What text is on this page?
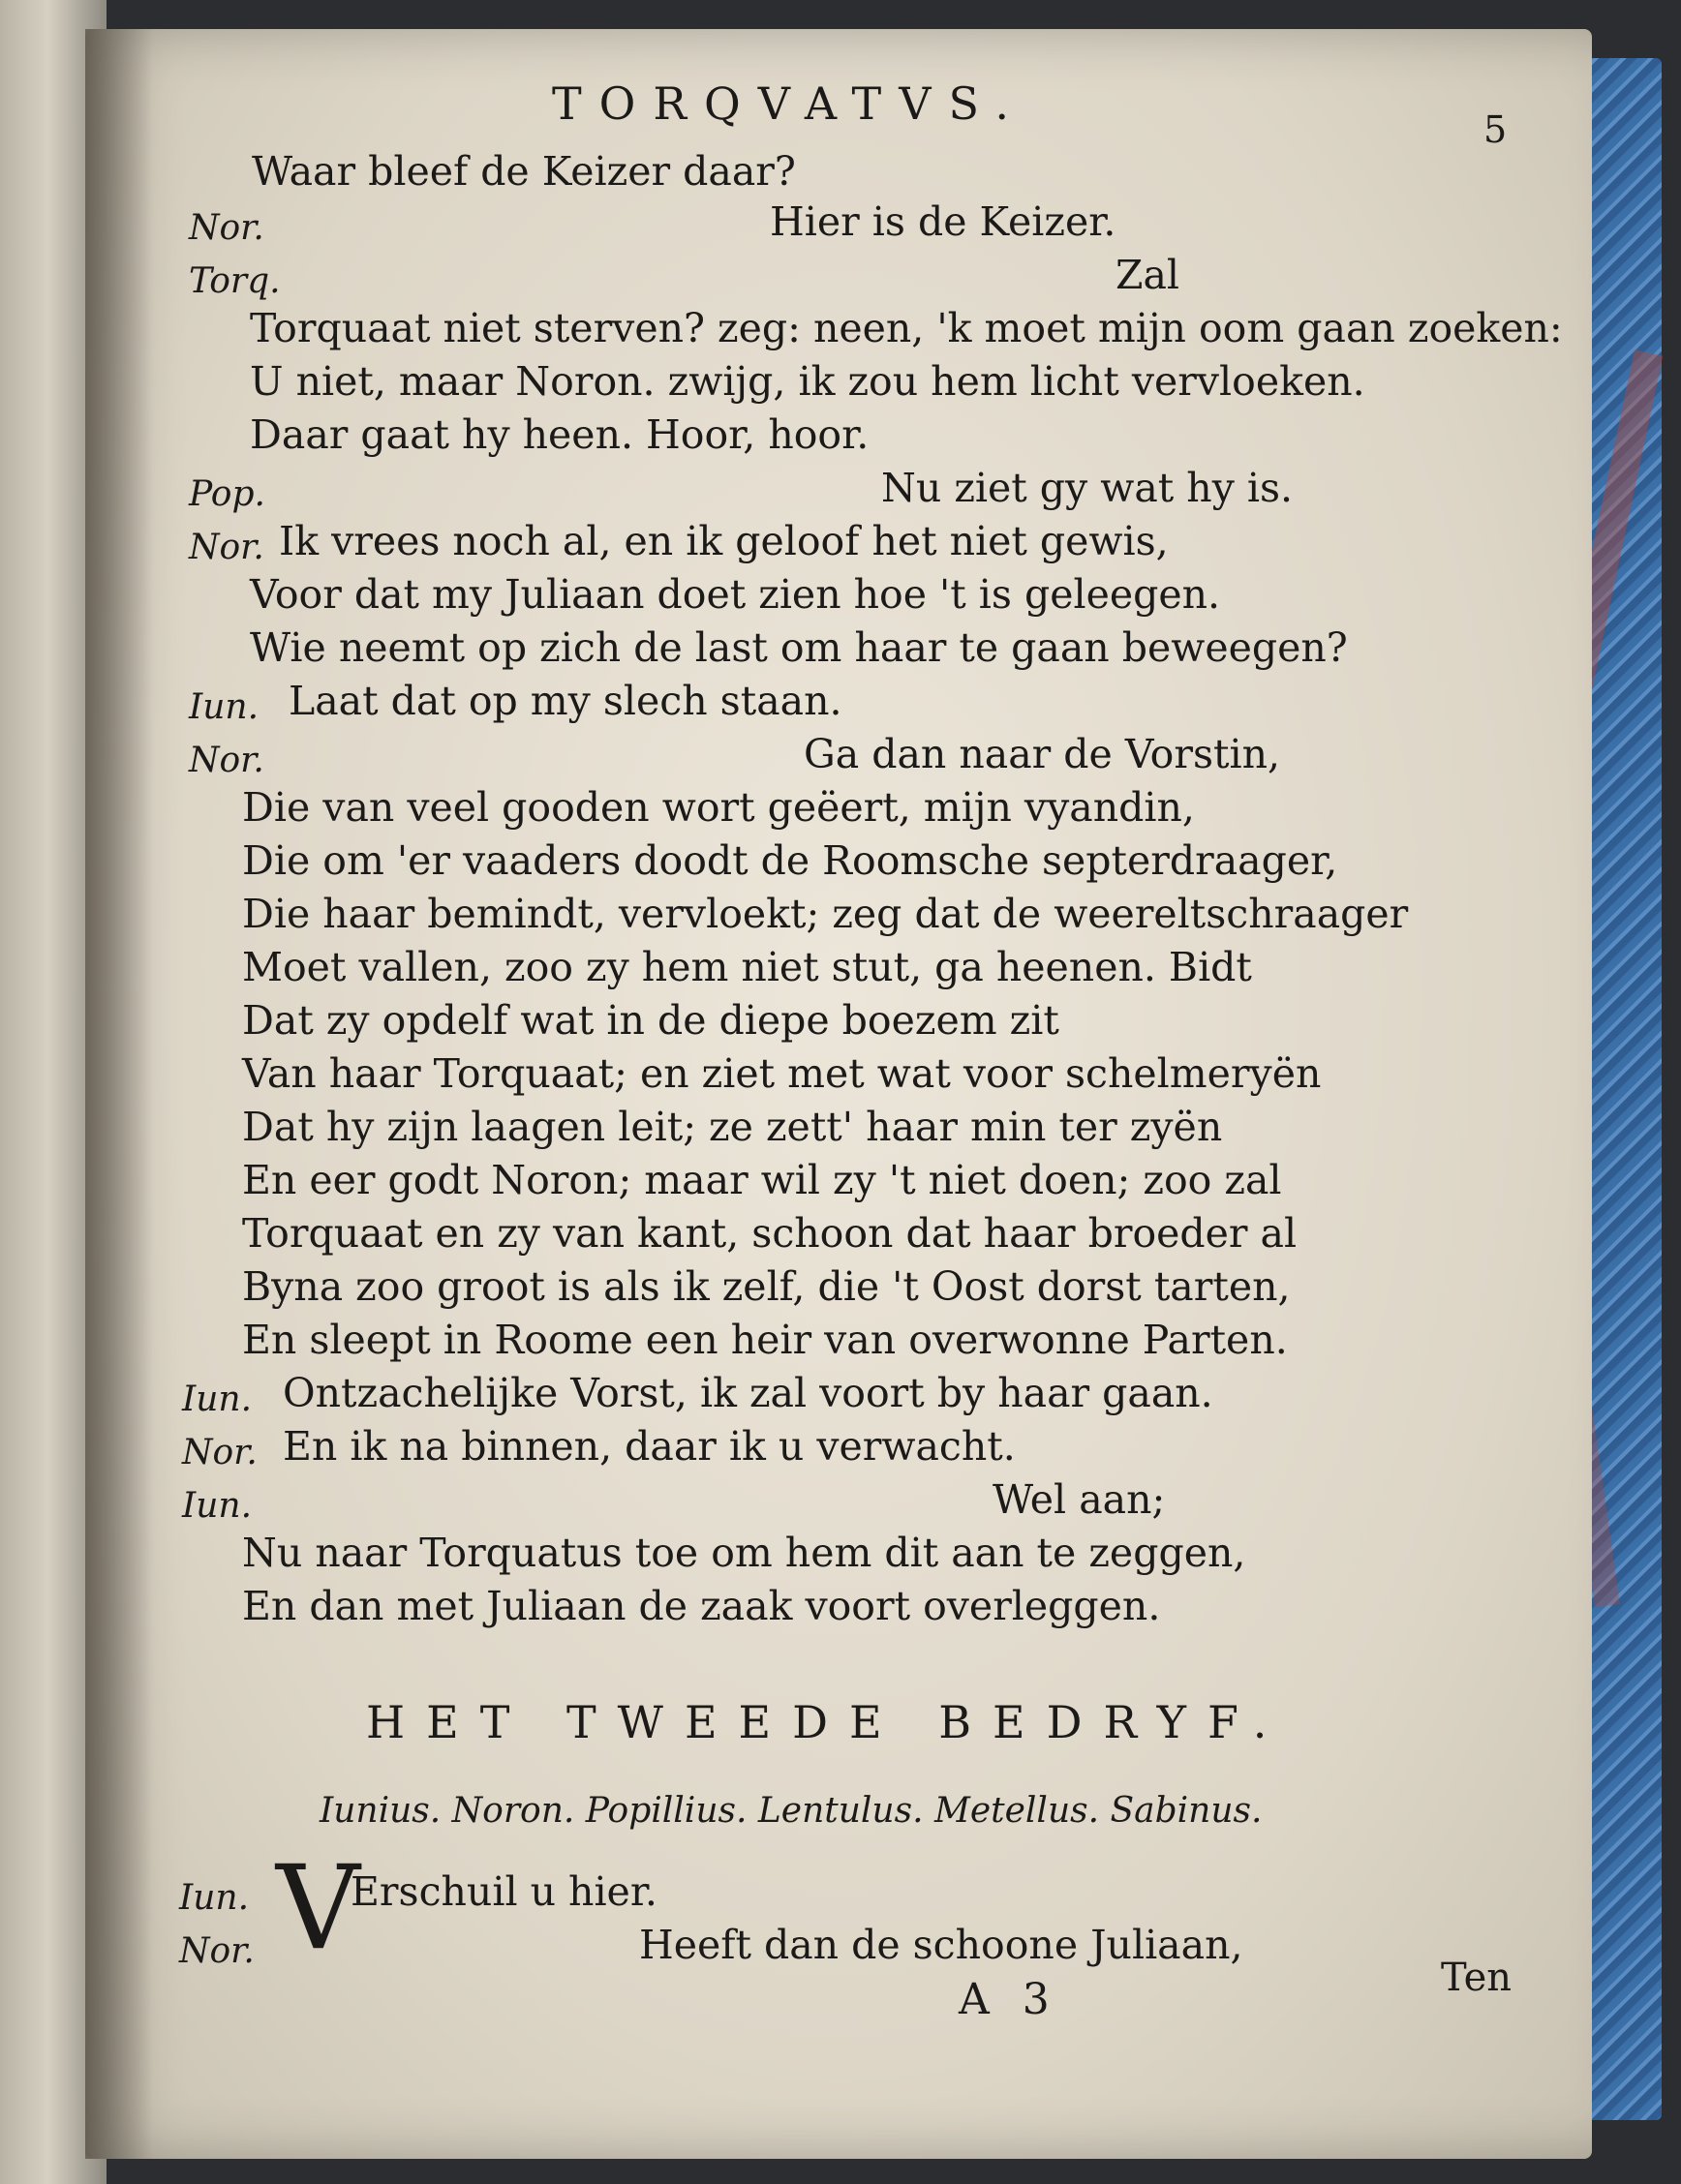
TORQVATVS.	5
Nor.
Waar bleef de Keizer daar?
Hier is de Keizer.
Torq.	Zal
Torquaat niet sterven? zeg: neen, 'k moet mijn oom gaan zoeken:
U niet, maar Noron. zwijg, ik zou hem licht vervloeken.
Daar gaat hy heen. Hoor, hoor.
Pop.	Nu ziet gy wat hy is.
Nor. Ik vrees noch al, en ik geloof het niet gewis,
Voor dat my Juliaan doet zien hoe 't is geleegen.
Wie neemt op zich de last om haar te gaan beweegen?
Iun. Laat dat op my slech staan.
Nor.	Ga dan naar de Vorstin,
Die van veel gooden wort geëert, mijn vyandin,
Die om 'er vaaders doodt de Roomsche septerdraager,
Die haar bemindt, vervloekt; zeg dat de weereltschraager
Moet vallen, zoo zy hem niet stut, ga heenen. Bidt
Dat zy opdelf wat in de diepe boezem zit
Van haar Torquaat; en ziet met wat voor schelmeryën
Dat hy zijn laagen leit; ze zett' haar min ter zyën
En eer godt Noron; maar wil zy 't niet doen; zoo zal
Torquaat en zy van kant, schoon dat haar broeder al
Byna zoo groot is als ik zelf, die 't Oost dorst tarten,
En sleept in Roome een heir van overwonne Parten.
Iun. Ontzachelijke Vorst, ik zal voort by haar gaan.
Nor. En ik na binnen, daar ik u verwacht.
Iun.	Wel aan;
Nu naar Torquatus toe om hem dit aan te zeggen,
En dan met Juliaan de zaak voort overleggen.
HET TWEEDE BEDRYF.
Iunius. Noron. Popillius. Lentulus. Metellus. Sabinus.
Iun. V
Erschuil u hier.
Nor.	Heeft dan de schoone Juliaan,
A 3	Ten
